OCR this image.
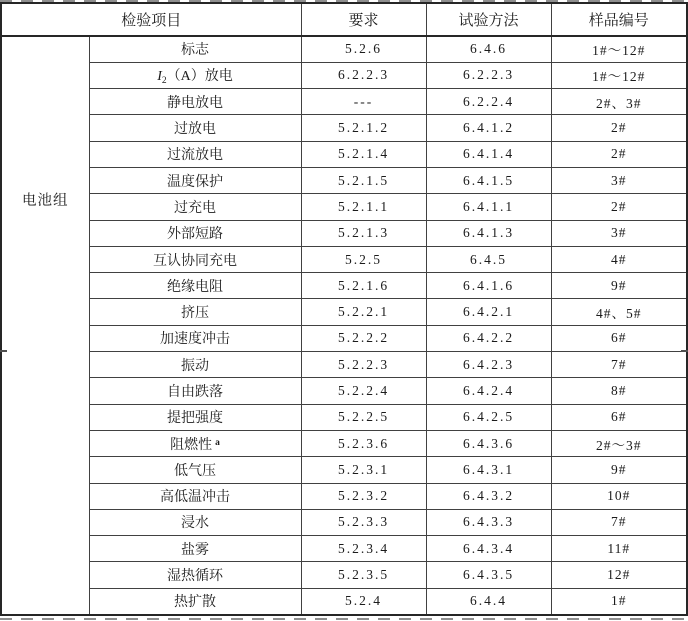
检验项目		要求	试验方法	样品编号

电池组	标志	5.2.6	6.4.6	1#～12#
	$I_2(A)$放电	6.2.2.3	6.2.2.3	1#～12#
	静电放电	---	6.2.2.4	2#、3#
	过放电	5.2.1.2	6.4.1.2	2#
	过流放电	5.2.1.4	6.4.1.4	2#
	温度保护	5.2.1.5	6.4.1.5	3#
	过充电	5.2.1.1	6.4.1.1	2#
	外部短路	5.2.1.3	6.4.1.3	3#
	互认协同充电	5.2.5	6.4.5	4#
	绝缘电阻	5.2.1.6	6.4.1.6	9#
	挤压	5.2.2.1	6.4.2.1	4#、5#
	加速度冲击	5.2.2.2	6.4.2.2	6#
	振动	5.2.2.3	6.4.2.3	7#
	自由跌落	5.2.2.4	6.4.2.4	8#
	提把强度	5.2.2.5	6.4.2.5	6#
	阻燃性 $^a$	5.2.3.6	6.4.3.6	2#～3#
	低气压	5.2.3.1	6.4.3.1	9#
	高低温冲击	5.2.3.2	6.4.3.2	10#
	浸水	5.2.3.3	6.4.3.3	7#
	盐雾	5.2.3.4	6.4.3.4	11#
	湿热循环	5.2.3.5	6.4.3.5	12#
	热扩散	5.2.4	6.4.4	1#
